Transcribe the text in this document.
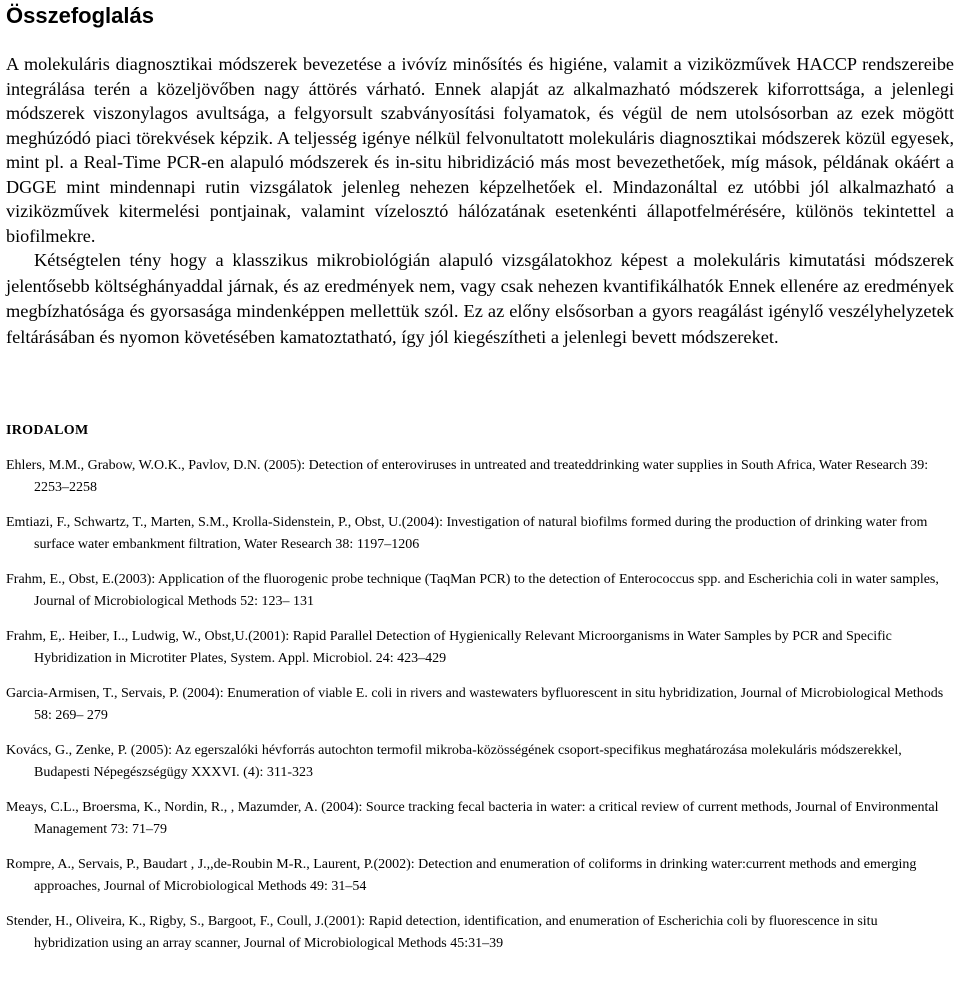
Összefoglalás

A molekuláris diagnosztikai módszerek bevezetése a ivóvíz minősítés és higiéne, valamit a viziközművek HACCP rendszereibe integrálása terén a közeljövőben nagy áttörés várható. Ennek alapját az alkalmazható módszerek kiforrottsága, a jelenlegi módszerek viszonylagos avultsága, a felgyorsult szabványosítási folyamatok, és végül de nem utolsósorban az ezek mögött meghúzódó piaci törekvések képzik. A teljesség igénye nélkül felvonultatott molekuláris diagnosztikai módszerek közül egyesek, mint pl. a Real-Time PCR-en alapuló módszerek és in-situ hibridizáció más most bevezethetőek, míg mások, példának okáért a DGGE mint mindennapi rutin vizsgálatok jelenleg nehezen képzelhetőek el. Mindazonáltal ez utóbbi jól alkalmazható a viziközművek kitermelési pontjainak, valamint vízelosztó hálózatának esetenkénti állapotfelmérésére, különös tekintettel a biofilmekre.

Kétségtelen tény hogy a klasszikus mikrobiológián alapuló vizsgálatokhoz képest a molekuláris kimutatási módszerek jelentősebb költséghányaddal járnak, és az eredmények nem, vagy csak nehezen kvantifikálhatók Ennek ellenére az eredmények megbízhatósága és gyorsasága mindenképpen mellettük szól. Ez az előny elsősorban a gyors reagálást igénylő veszélyhelyzetek feltárásában és nyomon követésében kamatoztatható, így jól kiegészítheti a jelenlegi bevett módszereket.

IRODALOM

Ehlers, M.M., Grabow, W.O.K., Pavlov, D.N. (2005): Detection of enteroviruses in untreated and treateddrinking water supplies in South Africa, Water Research 39: 2253–2258

Emtiazi, F., Schwartz, T., Marten, S.M., Krolla-Sidenstein, P., Obst, U.(2004): Investigation of natural biofilms formed during the production of drinking water from surface water embankment filtration, Water Research 38: 1197–1206

Frahm, E., Obst, E.(2003): Application of the fluorogenic probe technique (TaqMan PCR) to the detection of Enterococcus spp. and Escherichia coli in water samples, Journal of Microbiological Methods 52: 123– 131

Frahm, E,. Heiber, I.., Ludwig, W., Obst,U.(2001): Rapid Parallel Detection of Hygienically Relevant Microorganisms in Water Samples by PCR and Specific Hybridization in Microtiter Plates, System. Appl. Microbiol. 24: 423–429

Garcia-Armisen, T., Servais, P. (2004): Enumeration of viable E. coli in rivers and wastewaters byfluorescent in situ hybridization, Journal of Microbiological Methods 58: 269– 279

Kovács, G., Zenke, P. (2005): Az egerszalóki hévforrás autochton termofil mikroba-közösségének csoport-specifikus meghatározása molekuláris módszerekkel, Budapesti Népegészségügy XXXVI. (4): 311-323

Meays, C.L., Broersma, K., Nordin, R., , Mazumder, A. (2004): Source tracking fecal bacteria in water: a critical review of current methods, Journal of Environmental Management 73: 71–79

Rompre, A., Servais, P., Baudart , J.,,de-Roubin M-R., Laurent, P.(2002): Detection and enumeration of coliforms in drinking water:current methods and emerging approaches, Journal of Microbiological Methods 49: 31–54

Stender, H., Oliveira, K., Rigby, S., Bargoot, F., Coull, J.(2001): Rapid detection, identification, and enumeration of Escherichia coli by fluorescence in situ hybridization using an array scanner, Journal of Microbiological Methods 45:31–39
